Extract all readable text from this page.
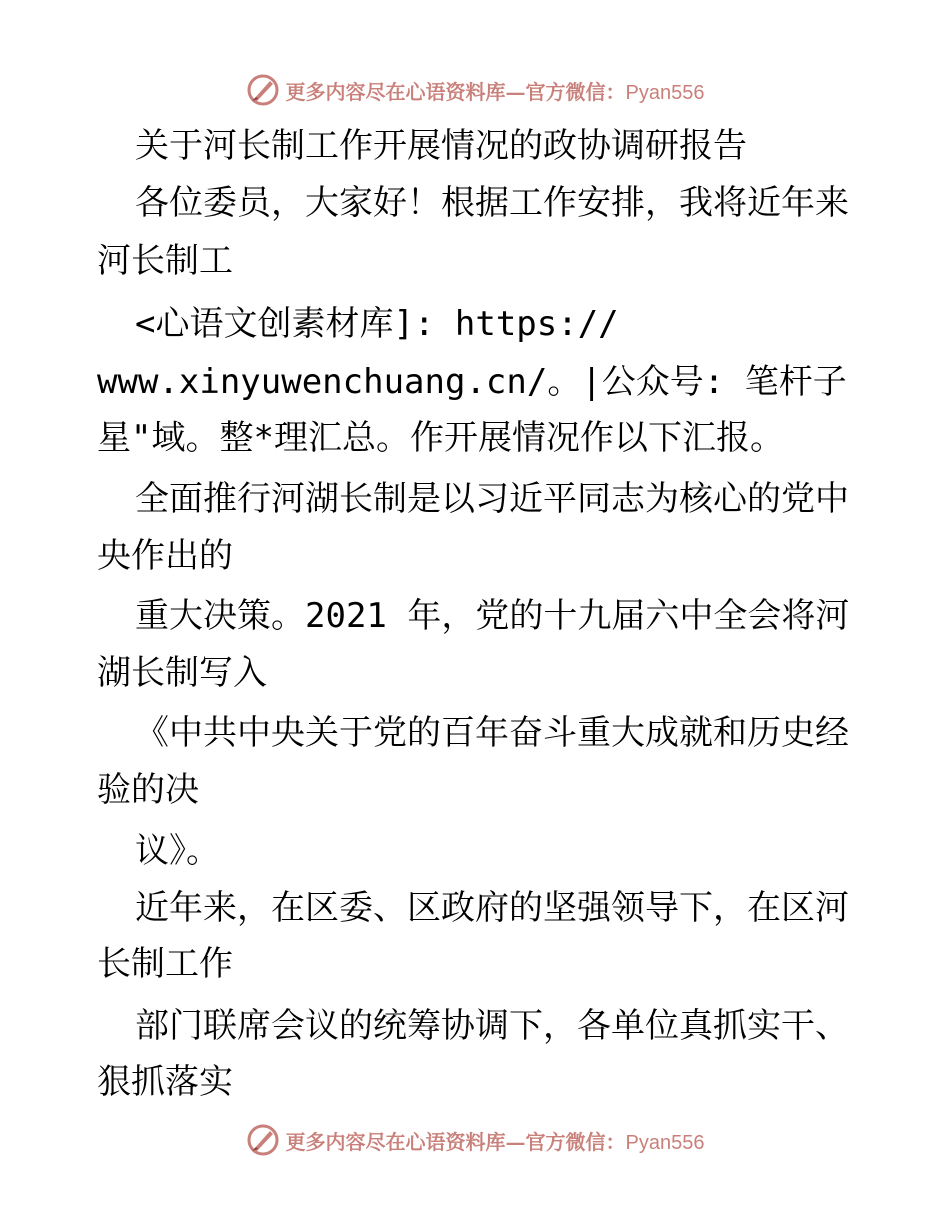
更多内容尽在心语资料库—官方微信：Pyan556
关于河长制工作开展情况的政协调研报告
各位委员，大家好！根据工作安排，我将近年来
河长制工
<心语文创素材库]: https://
www.xinyuwenchuang.cn/。|公众号: 笔杆子
星"域。整*理汇总。作开展情况作以下汇报。
全面推行河湖长制是以习近平同志为核心的党中
央作出的
重大决策。2021 年，党的十九届六中全会将河
湖长制写入
《中共中央关于党的百年奋斗重大成就和历史经
验的决
议》。
近年来，在区委、区政府的坚强领导下，在区河
长制工作
部门联席会议的统筹协调下，各单位真抓实干、
狠抓落实
更多内容尽在心语资料库—官方微信：Pyan556
